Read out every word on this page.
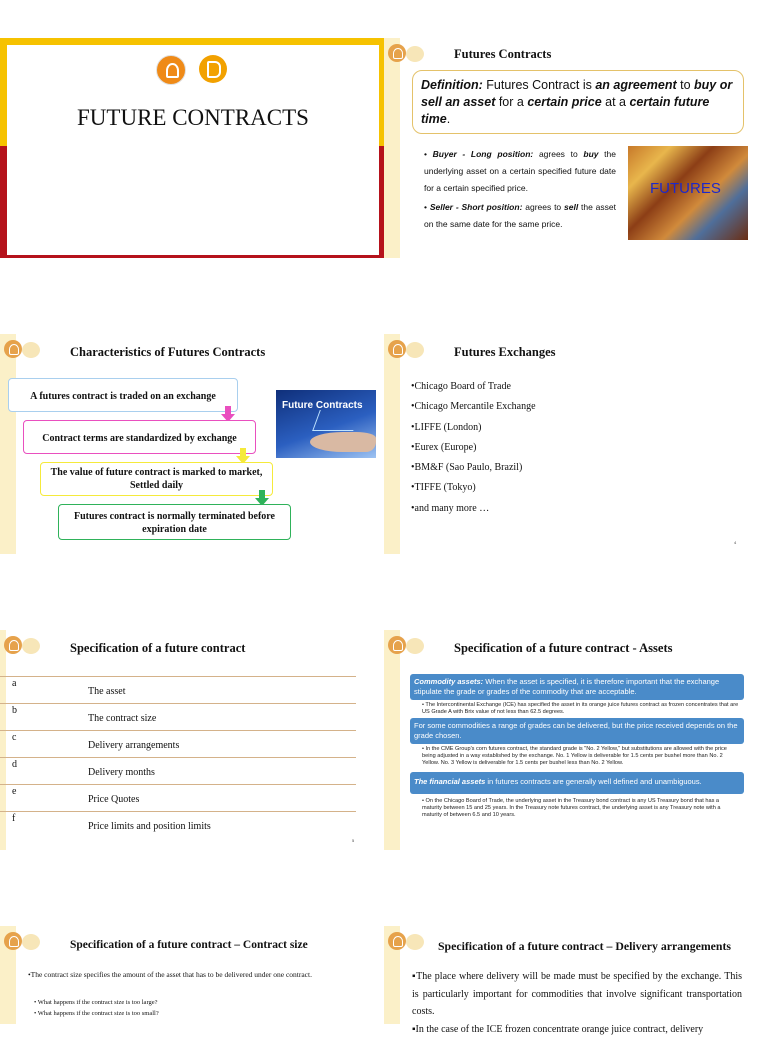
FUTURE CONTRACTS
Futures Contracts
Definition: Futures Contract is an agreement to buy or sell an asset for a certain price at a certain future time.
• Buyer - Long position: agrees to buy the underlying asset on a certain specified future date for a certain specified price.
• Seller - Short position: agrees to sell the asset on the same date for the same price.
FUTURES
Characteristics of Futures Contracts
A futures contract is traded on an exchange
Contract terms are standardized by exchange
The value of future contract is marked to market, Settled daily
Futures contract is normally terminated before expiration date
Future Contracts
Futures Exchanges
•Chicago Board of Trade
•Chicago Mercantile Exchange
•LIFFE (London)
•Eurex (Europe)
•BM&F (Sao Paulo, Brazil)
•TIFFE (Tokyo)
•and many more …
4
Specification of a future contract
a
The asset
b
The contract size
c
Delivery arrangements
d
Delivery months
e
Price Quotes
f
Price limits and position limits
5
Specification of a future contract - Assets
Commodity assets: When the asset is specified, it is therefore important that the exchange stipulate the grade or grades of the commodity that are acceptable.
• The Intercontinental Exchange (ICE) has specified the asset in its orange juice futures contract as frozen concentrates that are US Grade A with Brix value of not less than 62.5 degrees.
For some commodities a range of grades can be delivered, but the price received depends on the grade chosen.
• In the CME Group's corn futures contract, the standard grade is "No. 2 Yellow," but substitutions are allowed with the price being adjusted in a way established by the exchange. No. 1 Yellow is deliverable for 1.5 cents per bushel more than No. 2 Yellow. No. 3 Yellow is deliverable for 1.5 cents per bushel less than No. 2 Yellow.
The financial assets in futures contracts are generally well defined and unambiguous.
• On the Chicago Board of Trade, the underlying asset in the Treasury bond contract is any US Treasury bond that has a maturity between 15 and 25 years. In the Treasury note futures contract, the underlying asset is any Treasury note with a maturity of between 6.5 and 10 years.
Specification of a future contract – Contract size
•The contract size specifies the amount of the asset that has to be delivered under one contract.
• What happens if the contract size is too large?
• What happens if the contract size is too small?
Specification of a future contract – Delivery arrangements
▪The place where delivery will be made must be specified by the exchange. This is particularly important for commodities that involve significant transportation costs.
▪In the case of the ICE frozen concentrate orange juice contract, delivery
